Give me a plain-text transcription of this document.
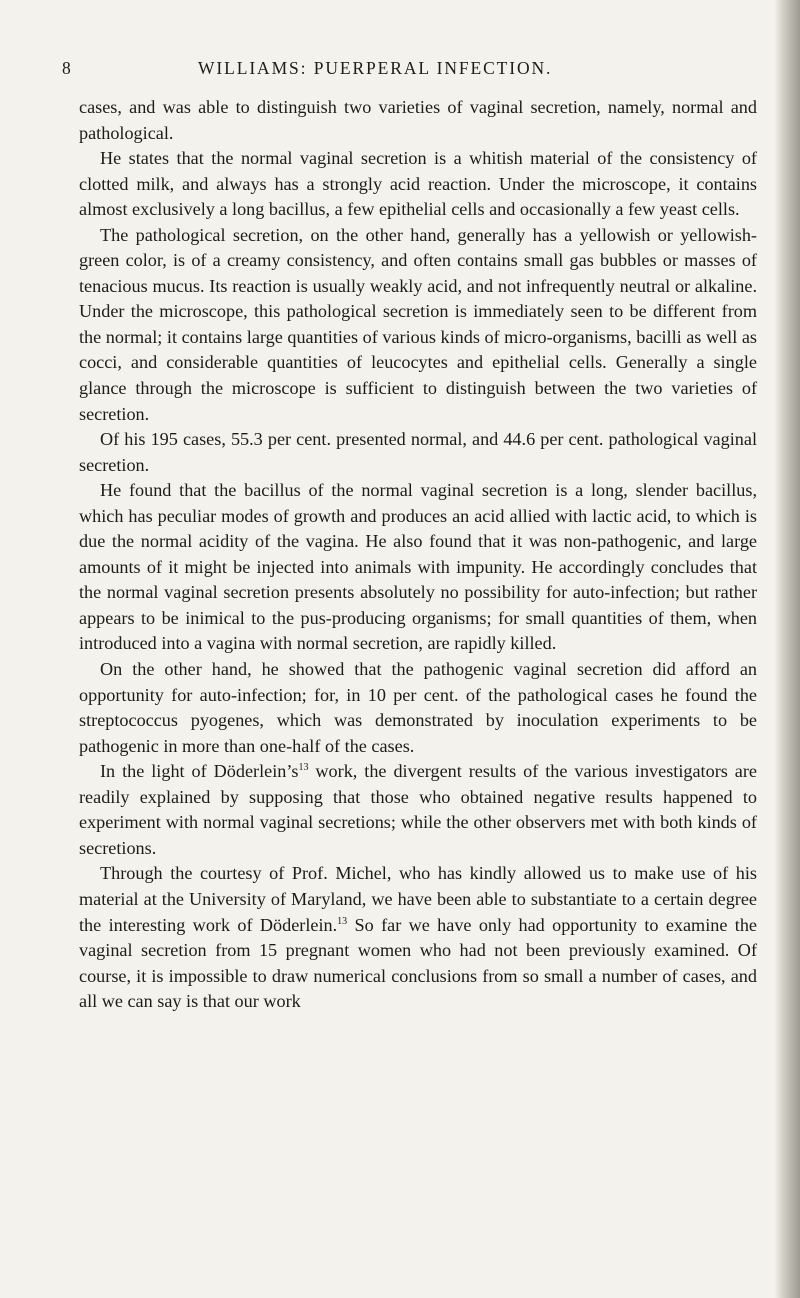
8	WILLIAMS: PUERPERAL INFECTION.

cases, and was able to distinguish two varieties of vaginal secretion, namely, normal and pathological.

He states that the normal vaginal secretion is a whitish material of the consistency of clotted milk, and always has a strongly acid reaction. Under the microscope, it contains almost exclusively a long bacillus, a few epithelial cells and occasionally a few yeast cells.

The pathological secretion, on the other hand, generally has a yellowish or yellowish-green color, is of a creamy consistency, and often contains small gas bubbles or masses of tenacious mucus. Its reaction is usually weakly acid, and not infrequently neutral or alkaline. Under the microscope, this pathological secretion is immediately seen to be different from the normal; it contains large quantities of various kinds of micro-organisms, bacilli as well as cocci, and considerable quantities of leucocytes and epithelial cells. Generally a single glance through the microscope is sufficient to distinguish between the two varieties of secretion.

Of his 195 cases, 55.3 per cent. presented normal, and 44.6 per cent. pathological vaginal secretion.

He found that the bacillus of the normal vaginal secretion is a long, slender bacillus, which has peculiar modes of growth and produces an acid allied with lactic acid, to which is due the normal acidity of the vagina. He also found that it was non-pathogenic, and large amounts of it might be injected into animals with impunity. He accordingly concludes that the normal vaginal secretion presents absolutely no possibility for auto-infection; but rather appears to be inimical to the pus-producing organisms; for small quantities of them, when introduced into a vagina with normal secretion, are rapidly killed.

On the other hand, he showed that the pathogenic vaginal secretion did afford an opportunity for auto-infection; for, in 10 per cent. of the pathological cases he found the streptococcus pyogenes, which was demonstrated by inoculation experiments to be pathogenic in more than one-half of the cases.

In the light of $Döderlein’s^{13}$ work, the divergent results of the various investigators are readily explained by supposing that those who obtained negative results happened to experiment with normal vaginal secretions; while the other observers met with both kinds of secretions.

Through the courtesy of Prof. Michel, who has kindly allowed us to make use of his material at the University of Maryland, we have been able to substantiate to a certain degree the interesting work of Döderlein.$^{13}$ So far we have only had opportunity to examine the vaginal secretion from 15 pregnant women who had not been previously examined. Of course, it is impossible to draw numerical conclusions from so small a number of cases, and all we can say is that our work
